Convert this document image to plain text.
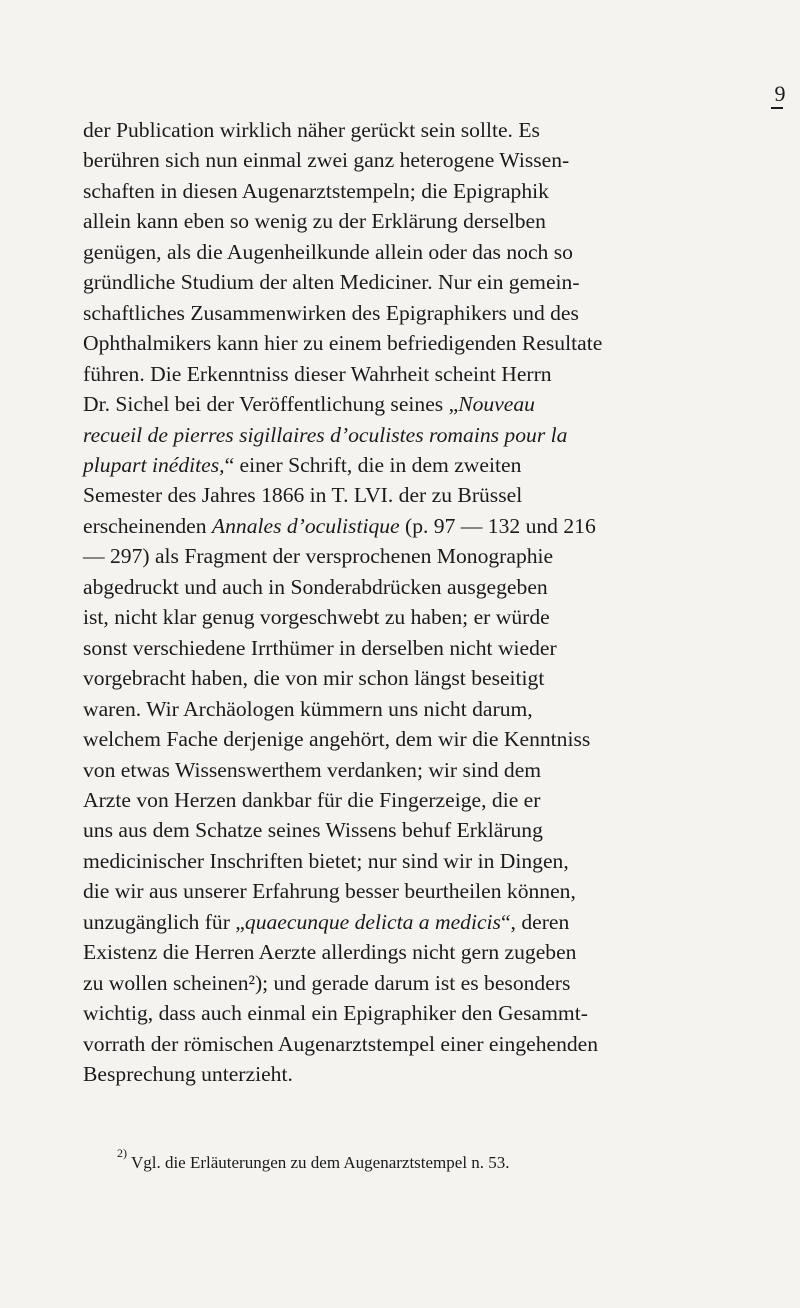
9
der Publication wirklich näher gerückt sein sollte. Es
berühren sich nun einmal zwei ganz heterogene Wissen-
schaften in diesen Augenarztstempeln; die Epigraphik
allein kann eben so wenig zu der Erklärung derselben
genügen, als die Augenheilkunde allein oder das noch so
gründliche Studium der alten Mediciner. Nur ein gemein-
schaftliches Zusammenwirken des Epigraphikers und des
Ophthalmikers kann hier zu einem befriedigenden Resultate
führen. Die Erkenntniss dieser Wahrheit scheint Herrn
Dr. Sichel bei der Veröffentlichung seines „Nouveau
recueil de pierres sigillaires d’oculistes romains pour la
plupart inédites,“ einer Schrift, die in dem zweiten
Semester des Jahres 1866 in T. LVI. der zu Brüssel
erscheinenden Annales d’oculistique (p. 97 — 132 und 216
— 297) als Fragment der versprochenen Monographie
abgedruckt und auch in Sonderabdrücken ausgegeben
ist, nicht klar genug vorgeschwebt zu haben; er würde
sonst verschiedene Irrthümer in derselben nicht wieder
vorgebracht haben, die von mir schon längst beseitigt
waren. Wir Archäologen kümmern uns nicht darum,
welchem Fache derjenige angehört, dem wir die Kenntniss
von etwas Wissenswerthem verdanken; wir sind dem
Arzte von Herzen dankbar für die Fingerzeige, die er
uns aus dem Schatze seines Wissens behuf Erklärung
medicinischer Inschriften bietet; nur sind wir in Dingen,
die wir aus unserer Erfahrung besser beurtheilen können,
unzugänglich für „quaecunque delicta a medicis“, deren
Existenz die Herren Aerzte allerdings nicht gern zugeben
zu wollen scheinen²); und gerade darum ist es besonders
wichtig, dass auch einmal ein Epigraphiker den Gesammt-
vorrath der römischen Augenarztstempel einer eingehenden
Besprechung unterzieht.
$^{2)}$ Vgl. die Erläuterungen zu dem Augenarztstempel n. 53.
